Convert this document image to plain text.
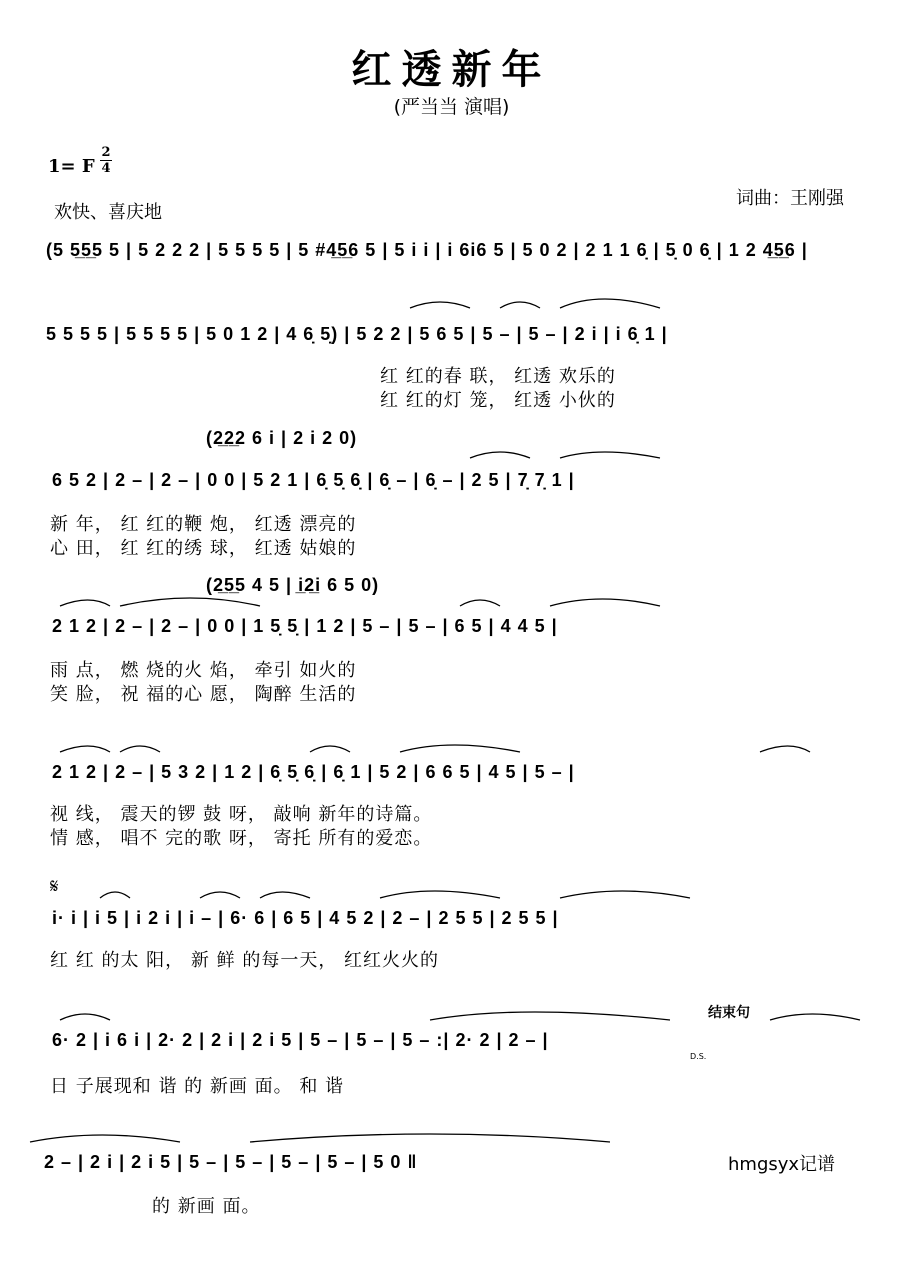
红透新年
(严当当 演唱)
1= F
2
4
欢快、喜庆地
词曲：王刚强
(5 5̲5̲5 5 | 5 2 2 2 | 5 5 5 5 | 5 #4̲5̲6 5 | 5 i i | i 6i6 5 | 5 0 2 | 2 1 1 6̣ | 5̣ 0 6̣ | 1 2 4̲5̲6 |
5 5 5 5 | 5 5 5 5 | 5 0 1 2 | 4 6̣ 5̣) | 5 2 2 | 5 6 5 | 5 – | 5 – | 2 i | i 6̣ 1 |
红 红的春 联， 红透 欢乐的
红 红的灯 笼， 红透 小伙的
(2̲2̲2 6 i | 2 i 2 0)
6 5 2 | 2 – | 2 – | 0 0 | 5 2 1 | 6̣ 5̣ 6̣ | 6̣ – | 6̣ – | 2 5 | 7̣ 7̣ 1 |
新 年， 红 红的鞭 炮， 红透 漂亮的
心 田， 红 红的绣 球， 红透 姑娘的
(2̲5̲5 4 5 | i̲2̲i 6 5 0)
2 1 2 | 2 – | 2 – | 0 0 | 1 5̣ 5̣ | 1 2 | 5 – | 5 – | 6 5 | 4 4 5 |
雨 点， 燃 烧的火 焰， 牵引 如火的
笑 脸， 祝 福的心 愿， 陶醉 生活的
2 1 2 | 2 – | 5 3 2 | 1 2 | 6̣ 5̣ 6̣ | 6̣ 1 | 5 2 | 6 6 5 | 4 5 | 5 – |
视 线， 震天的锣 鼓 呀， 敲响 新年的诗篇。
情 感， 唱不 完的歌 呀， 寄托 所有的爱恋。
𝄋
i· i | i 5 | i 2 i | i – | 6· 6 | 6 5 | 4 5 2 | 2 – | 2 5 5 | 2 5 5 |
红 红 的太 阳， 新 鲜 的每一天， 红红火火的
结束句
6· 2 | i 6 i | 2· 2 | 2 i | 2 i 5 | 5 – | 5 – | 5 – :| 2· 2 | 2 – |
D.S.
日 子展现和 谐 的 新画 面。 和 谐
2 – | 2 i | 2 i 5 | 5 – | 5 – | 5 – | 5 – | 5 0 ‖
的 新画 面。
hmgsyx记谱
